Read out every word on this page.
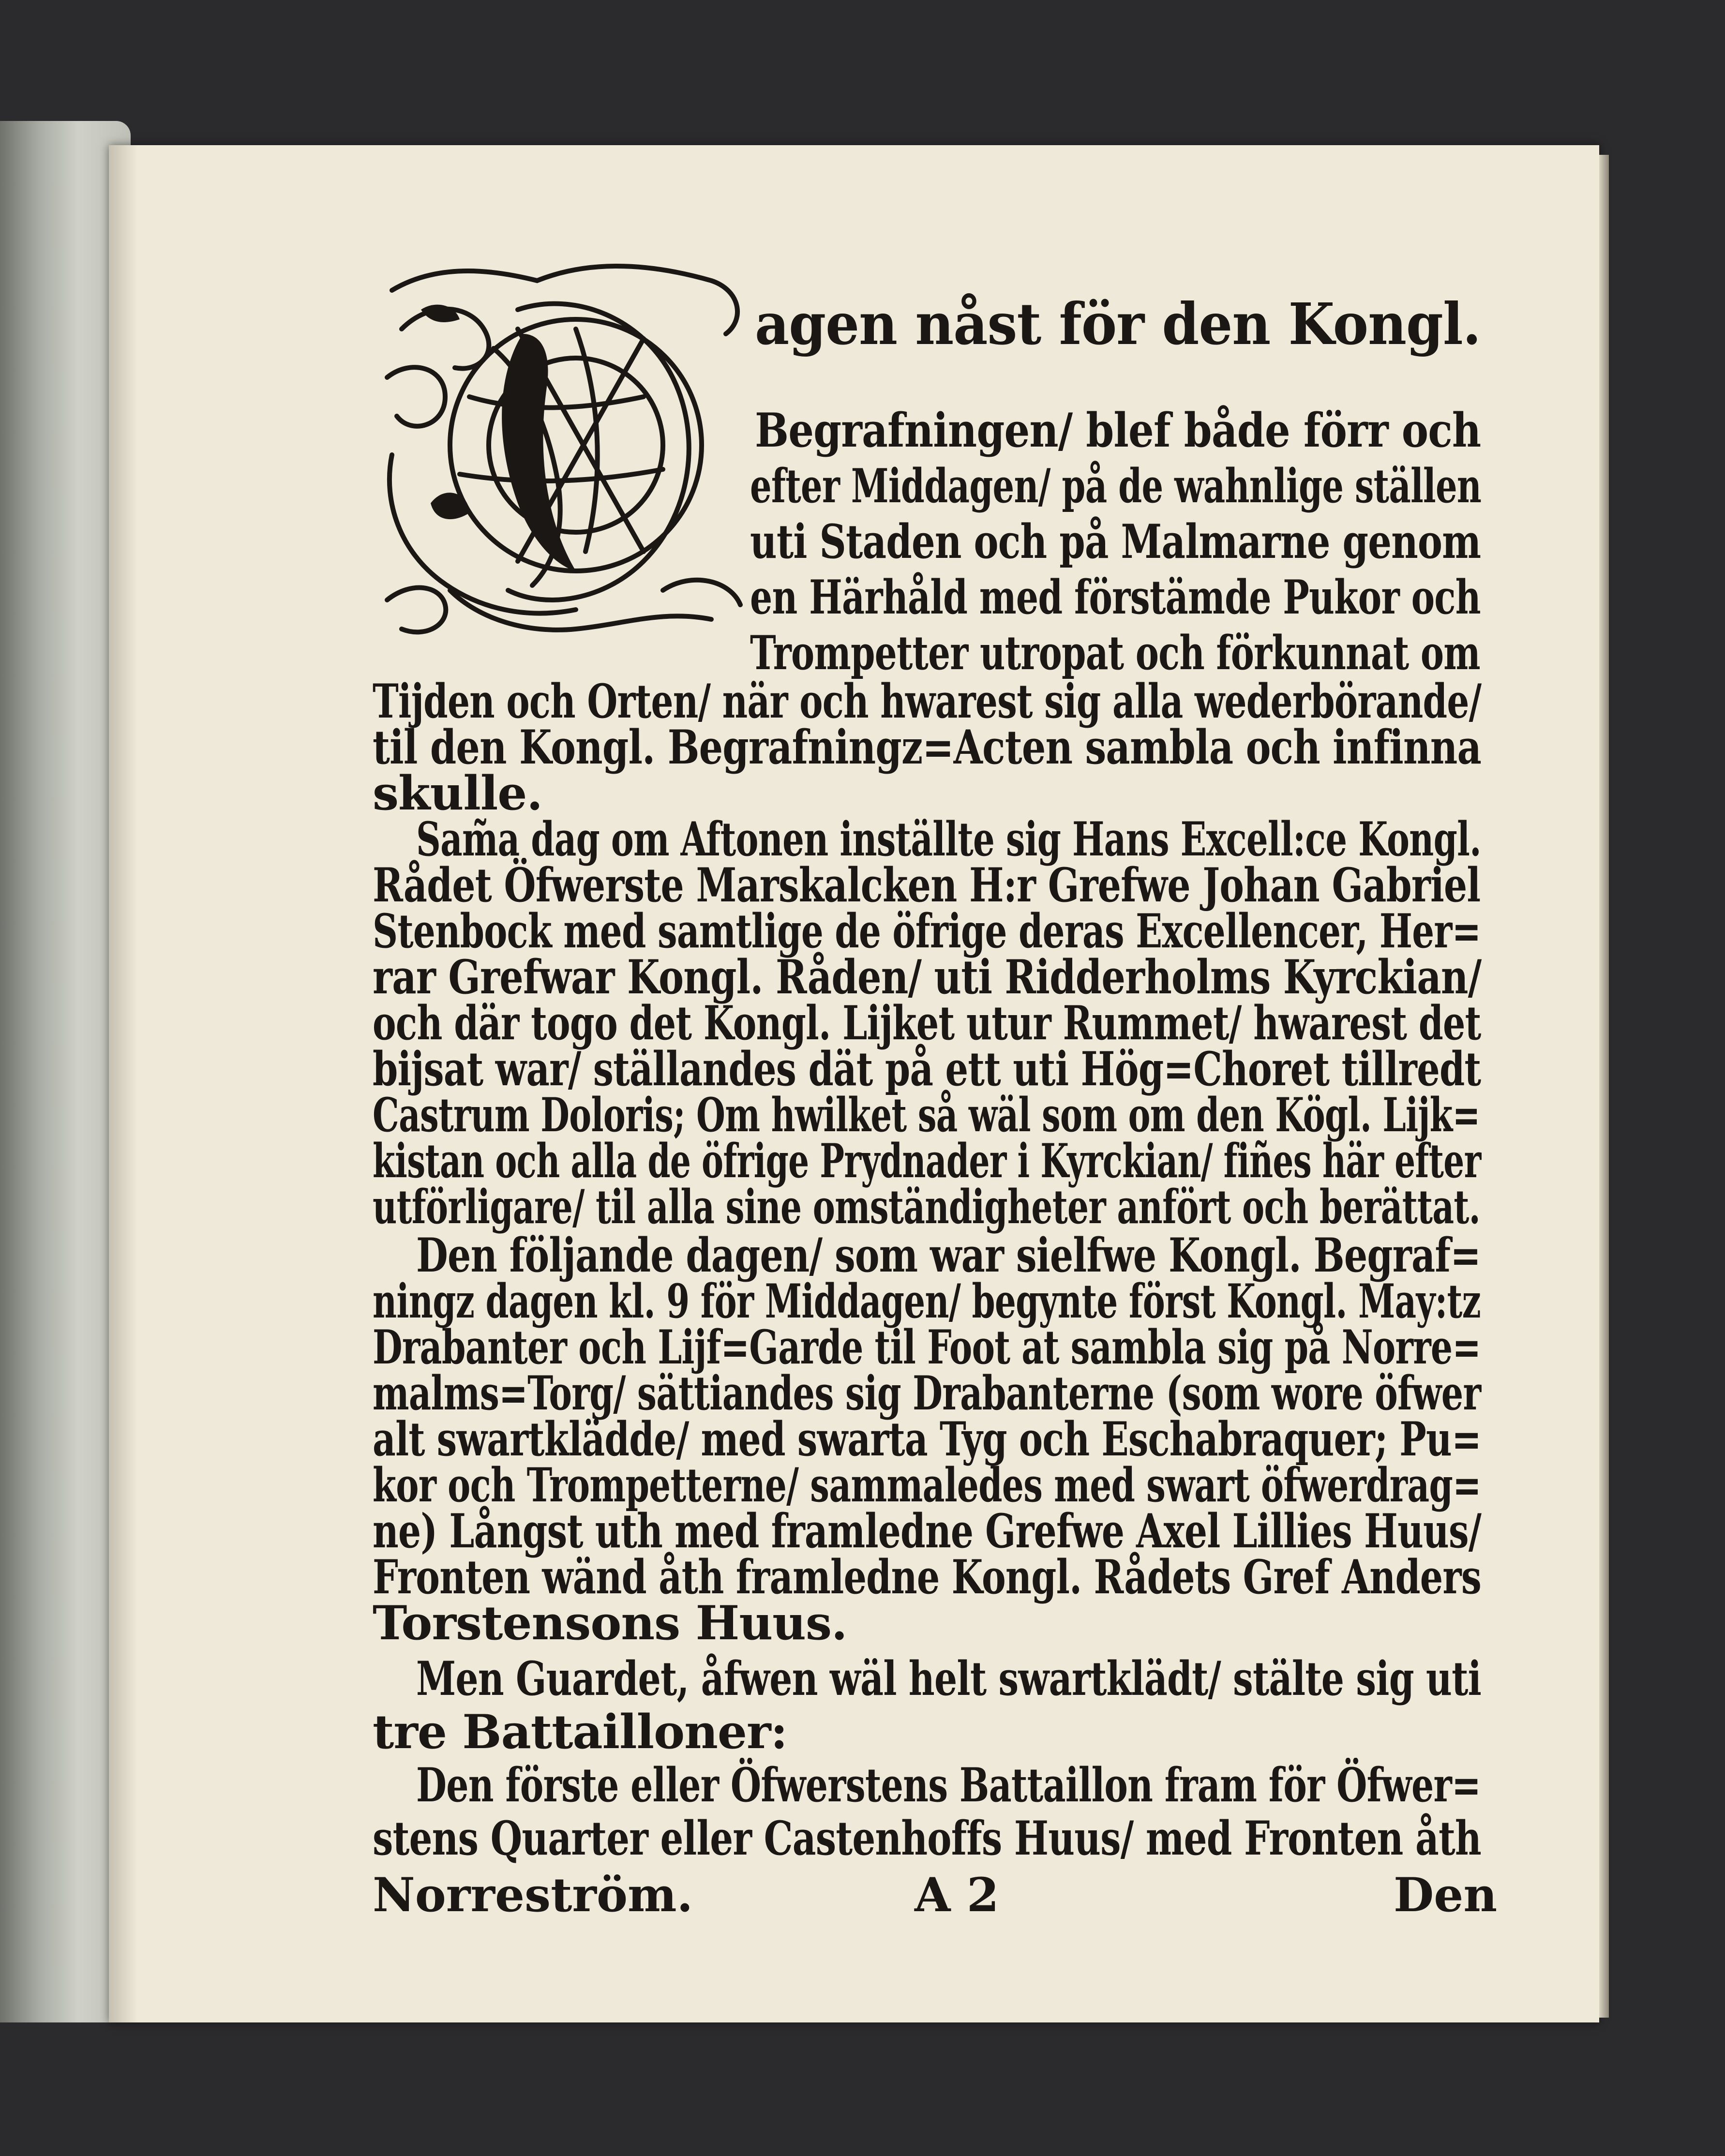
agen nåst för den Kongl.
Begrafningen/ blef både förr och
efter Middagen/ på de wahnlige ställen
uti Staden och på Malmarne genom
en Härhåld med förstämde Pukor och
Trompetter utropat och förkunnat om
Tijden och Orten/ när och hwarest sig alla wederbörande/
til den Kongl. Begrafningz=Acten sambla och infinna
skulle.
Sam̃a dag om Aftonen inställte sig Hans Excell:ce Kongl.
Rådet Öfwerste Marskalcken H:r Grefwe Johan Gabriel
Stenbock med samtlige de öfrige deras Excellencer, Her=
rar Grefwar Kongl. Råden/ uti Ridderholms Kyrckian/
och där togo det Kongl. Lijket utur Rummet/ hwarest det
bijsat war/ ställandes dät på ett uti Hög=Choret tillredt
Castrum Doloris; Om hwilket så wäl som om den Kögl. Lijk=
kistan och alla de öfrige Prydnader i Kyrckian/ fiñes här efter
utförligare/ til alla sine omständigheter anfört och berättat.
Den följande dagen/ som war sielfwe Kongl. Begraf=
ningz dagen kl. 9 för Middagen/ begynte först Kongl. May:tz
Drabanter och Lijf=Garde til Foot at sambla sig på Norre=
malms=Torg/ sättiandes sig Drabanterne (som wore öfwer
alt swartklädde/ med swarta Tyg och Eschabraquer; Pu=
kor och Trompetterne/ sammaledes med swart öfwerdrag=
ne) Långst uth med framledne Grefwe Axel Lillies Huus/
Fronten wänd åth framledne Kongl. Rådets Gref Anders
Torstensons Huus.
Men Guardet, åfwen wäl helt swartklädt/ stälte sig uti
tre Battailloner:
Den förste eller Öfwerstens Battaillon fram för Öfwer=
stens Quarter eller Castenhoffs Huus/ med Fronten åth
Norreström.	A 2	Den
